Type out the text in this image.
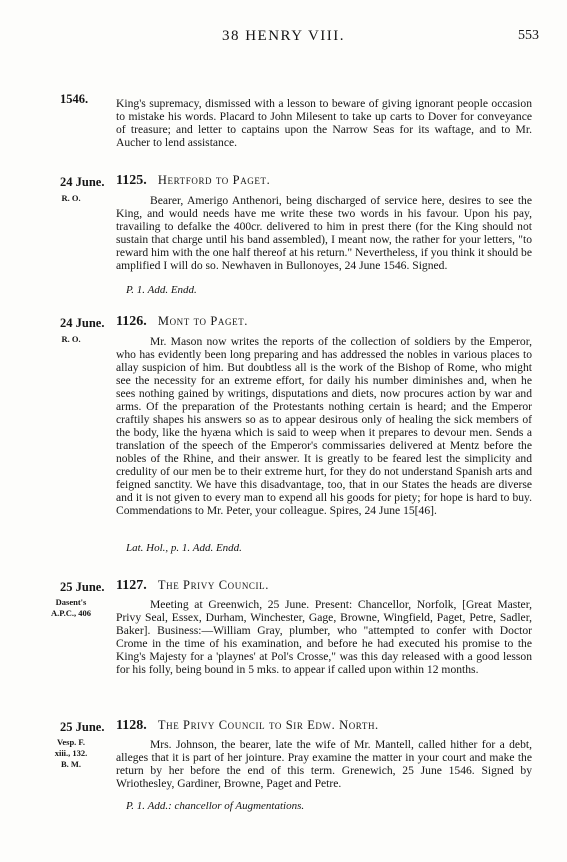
38 HENRY VIII.	553
1546. King's supremacy, dismissed with a lesson to beware of giving ignorant people occasion to mistake his words. Placard to John Milesent to take up carts to Dover for conveyance of treasure; and letter to captains upon the Narrow Seas for its waftage, and to Mr. Aucher to lend assistance.

24 June.
R. O.
1125. Hertford to Paget.

Bearer, Amerigo Anthenori, being discharged of service here, desires to see the King, and would needs have me write these two words in his favour. Upon his pay, travailing to defalke the 400cr. delivered to him in prest there (for the King should not sustain that charge until his band assembled), I meant now, the rather for your letters, "to reward him with the one half thereof at his return." Nevertheless, if you think it should be amplified I will do so. Newhaven in Bullonoyes, 24 June 1546. Signed.

P. 1. Add. Endd.
24 June.
R. O.
1126. Mont to Paget.

Mr. Mason now writes the reports of the collection of soldiers by the Emperor, who has evidently been long preparing and has addressed the nobles in various places to allay suspicion of him. But doubtless all is the work of the Bishop of Rome, who might see the necessity for an extreme effort, for daily his number diminishes and, when he sees nothing gained by writings, disputations and diets, now procures action by war and arms. Of the preparation of the Protestants nothing certain is heard; and the Emperor craftily shapes his answers so as to appear desirous only of healing the sick members of the body, like the hyæna which is said to weep when it prepares to devour men. Sends a translation of the speech of the Emperor's commissaries delivered at Mentz before the nobles of the Rhine, and their answer. It is greatly to be feared lest the simplicity and credulity of our men be to their extreme hurt, for they do not understand Spanish arts and feigned sanctity. We have this disadvantage, too, that in our States the heads are diverse and it is not given to every man to expend all his goods for piety; for hope is hard to buy. Commendations to Mr. Peter, your colleague. Spires, 24 June 15[46].

Lat. Hol., p. 1. Add. Endd.
25 June.
Dasent's
A.P.C., 406
1127. The Privy Council.

Meeting at Greenwich, 25 June. Present: Chancellor, Norfolk, [Great Master, Privy Seal, Essex, Durham, Winchester, Gage, Browne, Wingfield, Paget, Petre, Sadler, Baker]. Business:—William Gray, plumber, who "attempted to confer with Doctor Crome in the time of his examination, and before he had executed his promise to the King's Majesty for a 'playnes' at Pol's Crosse," was this day released with a good lesson for his folly, being bound in 5 mks. to appear if called upon within 12 months.

25 June.
Vesp. F.
xiii., 132.
B. M.
1128. The Privy Council to Sir Edw. North.

Mrs. Johnson, the bearer, late the wife of Mr. Mantell, called hither for a debt, alleges that it is part of her jointure. Pray examine the matter in your court and make the return by her before the end of this term. Grenewich, 25 June 1546. Signed by Wriothesley, Gardiner, Browne, Paget and Petre.

P. 1. Add.: chancellor of Augmentations.
